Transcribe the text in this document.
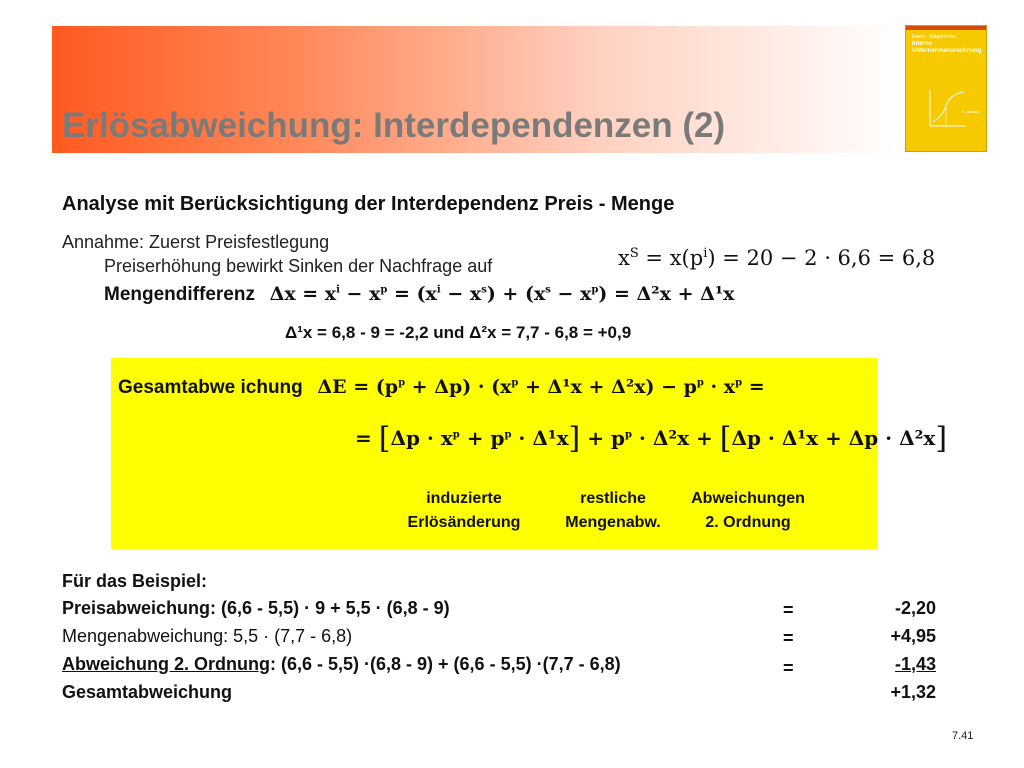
Erlösabweichung: Interdependenzen (2)
Ewert · Wagenhofer
Interne Unternehmensrechnung
5. Auflage
Analyse mit Berücksichtigung der Interdependenz Preis - Menge
Annahme: Zuerst Preisfestlegung
Preiserhöhung bewirkt Sinken der Nachfrage auf	$x^S = x(p^i) = 20 - 2 \cdot 6,6 = 6,8$
Mengendifferenz $\Delta x = x^i - x^p = (x^i - x^s) + (x^s - x^p) = \Delta^2x + \Delta^1x$
Δ¹x = 6,8 - 9 = -2,2 und Δ²x = 7,7 - 6,8 = +0,9
Gesamtabwe ichung $\Delta E = (p^p + \Delta p) \cdot (x^p + \Delta^1x + \Delta^2x) - p^p \cdot x^p$ =
= $[\Delta p \cdot x^p + p^p \cdot \Delta^1x] + p^p \cdot \Delta^2x + [\Delta p \cdot \Delta^1x + \Delta p \cdot \Delta^2x]$
induzierte
Erlösänderung
restliche
Mengenabw.
Abweichungen
2. Ordnung
Für das Beispiel:
Preisabweichung: (6,6 - 5,5) · 9 + 5,5 · (6,8 - 9)	=	-2,20
Mengenabweichung: 5,5 · (7,7 - 6,8)	=	+4,95
Abweichung 2. Ordnung: (6,6 - 5,5) ·(6,8 - 9) + (6,6 - 5,5) ·(7,7 - 6,8)	=	-1,43
Gesamtabweichung	+1,32
7.41
